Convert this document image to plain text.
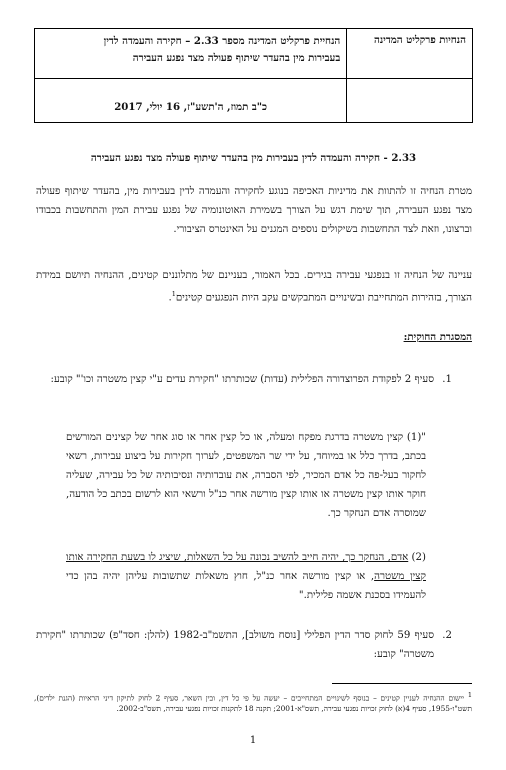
הנחיות פרקליט המדינה	הנחיית פרקליט המדינה מספר 2.33 – חקירה והעמדה לדין
בעבירות מין בהעדר שיתוף פעולה מצד נפגע העבירה

	כ"ב תמוז, ה'תשע"ז, 16 יולי, 2017
2.33 - חקירה והעמדה לדין בעבירות מין בהעדר שיתוף פעולה מצד נפגע העבירה
מטרת הנחיה זו להתוות את מדיניות האכיפה בנוגע לחקירה והעמדה לדין בעבירות מין, בהעדר שיתוף פעולה מצד נפגע העבירה, תוך שימת דגש על הצורך בשמירת האוטונומיה של נפגע עבירת המין והתחשבות בכבודו וברצונו, וזאת לצד התחשבות בשיקולים נוספים המגנים על האינטרס הציבורי.
עניינה של הנחיה זו בנפגעי עבירה בגירים. בכל האמור, בעניינם של מתלוננים קטינים, ההנחיה תיושם במידת הצורך, בזהירות המתחייבת ובשינויים המתבקשים עקב היות הנפגעים קטינים$^1$.
המסגרת החוקית:
1.
סעיף 2 לפקודת הפרוצדורה הפלילית (עדות) שכותרתו "חקירת עדים ע"י קצין משטרה וכו'" קובע:
"(1) קצין משטרה בדרגת מפקח ומעלה, או כל קצין אחר או סוג אחר של קצינים המורשים בכתב, בדרך כלל או במיוחד, על ידי שר המשפטים, לערוך חקירות על ביצוע עבירות, רשאי לחקור בעל-פה כל אדם המכיר, לפי הסברה, את עובדותיה ונסיבותיה של כל עבירה, שעליה חוקר אותו קצין משטרה או אותו קצין מורשה אחר כנ"ל ורשאי הוא לרשום בכתב כל הודעה, שמוסרה אדם הנחקר כך.
(2) אדם, הנחקר כך, יהיה חייב להשיב נכונה על כל השאלות, שיציג לו בשעת החקירה אותו קצין משטרה, או קצין מורשה אחר כנ"ל, חוץ משאלות שתשובות עליהן יהיה בהן כדי להעמידו בסכנת אשמה פלילית."
2.
סעיף 59 לחוק סדר הדין הפלילי [נוסח משולב], התשמ"ב-1982 (להלן: חסד"פ) שכותרתו "חקירת משטרה" קובע:
$^1$ יישום ההנחיה לעניין קטינים – בנוסף לשינויים המתחייבים – יעשה על פי כל דין, ובין השאר, סעיף 2 לחוק לתיקון דיני הראיות (הגנת ילדים), תשט"ו-1955, סעיף 4(א) לחוק זכויות נפגעי עבירה, תשס"א-2001; תקנה 18 לתקנות זכויות נפגעי עבירה, תשס"ב-2002.
1
